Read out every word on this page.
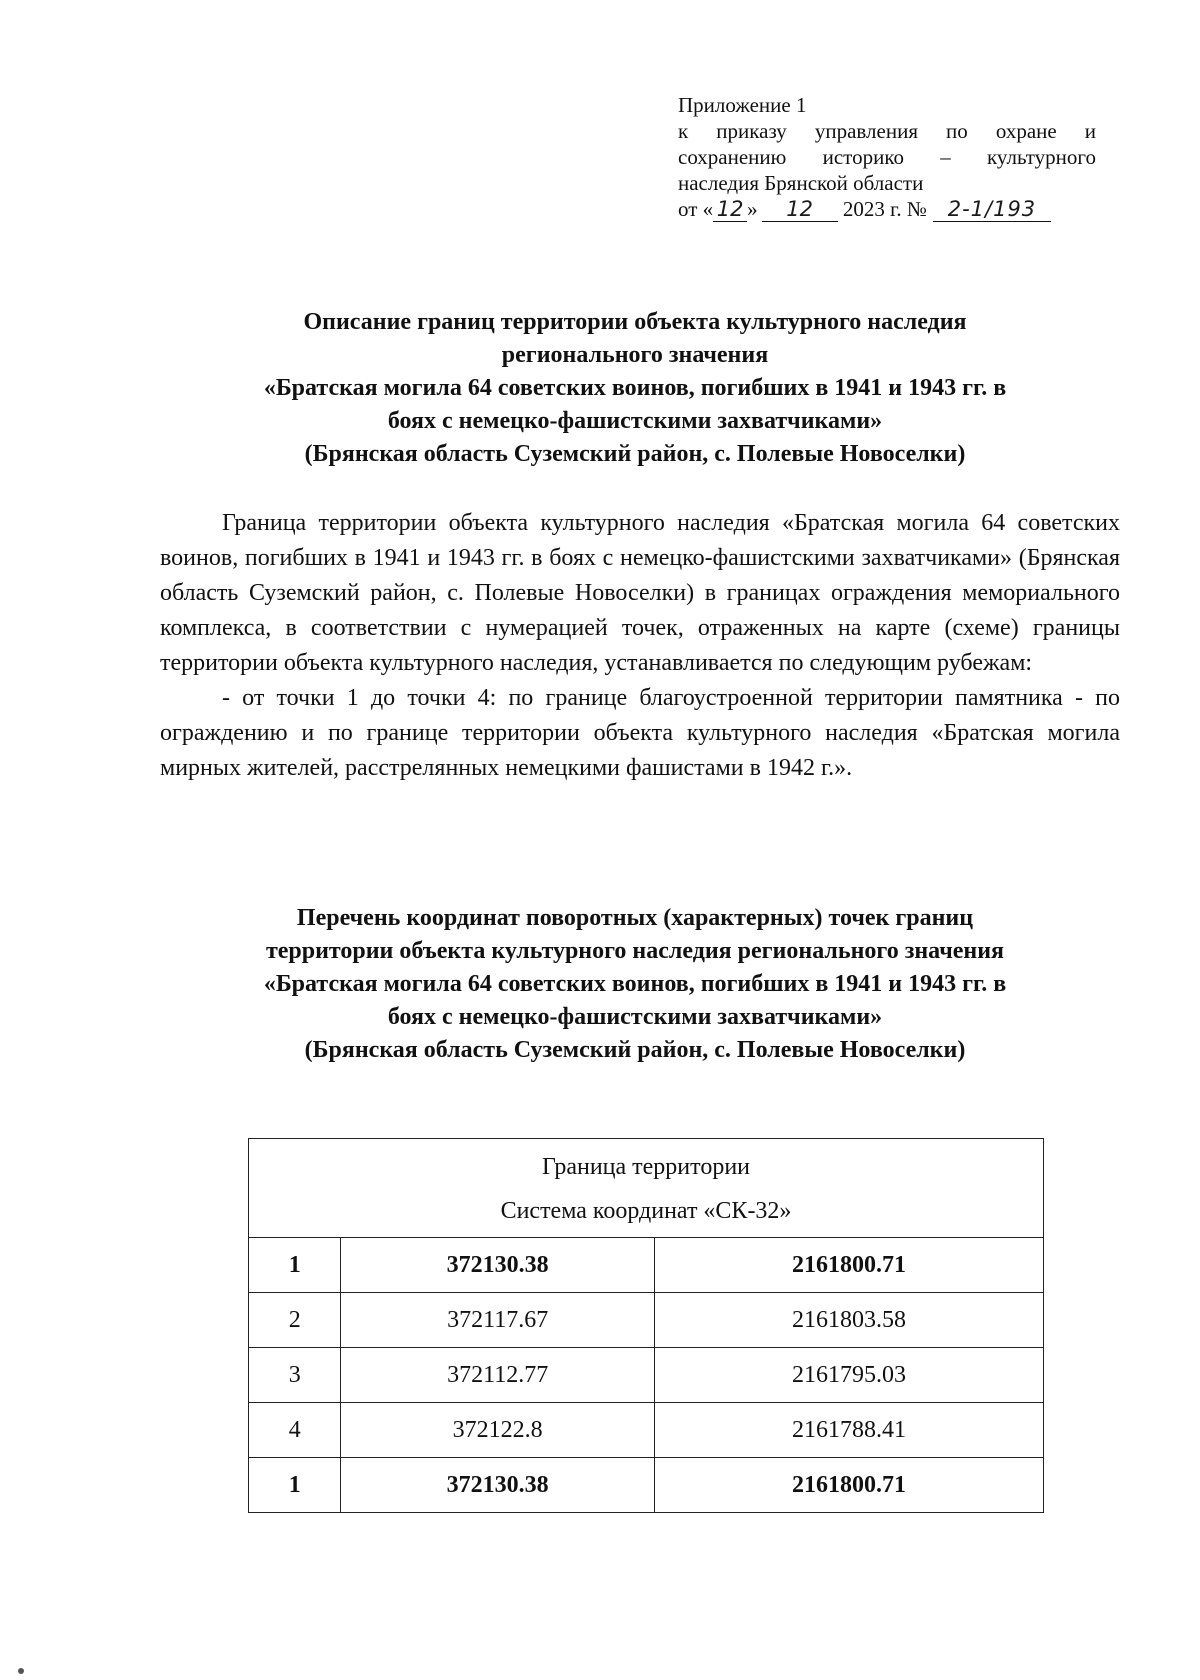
Приложение 1
к приказу управления по охране и
сохранению историко – культурного
наследия Брянской области
от « 12 » 12 2023 г. № 2-1/193
Описание границ территории объекта культурного наследия
регионального значения
«Братская могила 64 советских воинов, погибших в 1941 и 1943 гг. в
боях с немецко-фашистскими захватчиками»
(Брянская область Суземский район, с. Полевые Новоселки)

Граница территории объекта культурного наследия «Братская могила 64 советских воинов, погибших в 1941 и 1943 гг. в боях с немецко-фашистскими захватчиками» (Брянская область Суземский район, с. Полевые Новоселки) в границах ограждения мемориального комплекса, в соответствии с нумерацией точек, отраженных на карте (схеме) границы территории объекта культурного наследия, устанавливается по следующим рубежам:

- от точки 1 до точки 4: по границе благоустроенной территории памятника - по ограждению и по границе территории объекта культурного наследия «Братская могила мирных жителей, расстрелянных немецкими фашистами в 1942 г.».

Перечень координат поворотных (характерных) точек границ
территории объекта культурного наследия регионального значения
«Братская могила 64 советских воинов, погибших в 1941 и 1943 гг. в
боях с немецко-фашистскими захватчиками»
(Брянская область Суземский район, с. Полевые Новоселки)
Граница территории
Система координат «СК-32»		

1	372130.38	2161800.71
2	372117.67	2161803.58
3	372112.77	2161795.03
4	372122.8	2161788.41
1	372130.38	2161800.71
